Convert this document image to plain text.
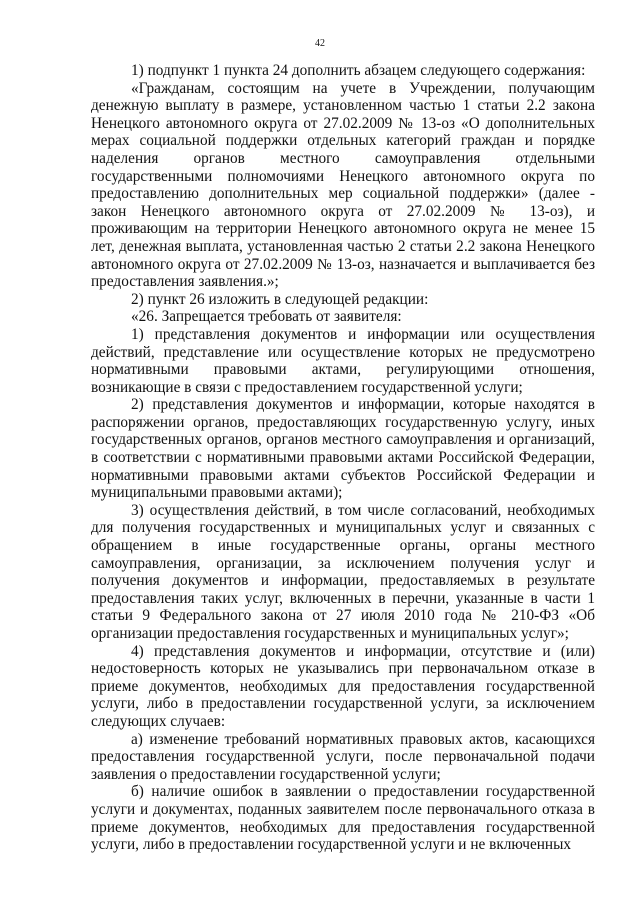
42

1) подпункт 1 пункта 24 дополнить абзацем следующего содержания:

«Гражданам, состоящим на учете в Учреждении, получающим денежную выплату в размере, установленном частью 1 статьи 2.2 закона Ненецкого автономного округа от 27.02.2009 № 13-оз «О дополнительных мерах социальной поддержки отдельных категорий граждан и порядке наделения органов местного самоуправления отдельными государственными полномочиями Ненецкого автономного округа по предоставлению дополнительных мер социальной поддержки» (далее - закон Ненецкого автономного округа от 27.02.2009 № 13-оз), и проживающим на территории Ненецкого автономного округа не менее 15 лет, денежная выплата, установленная частью 2 статьи 2.2 закона Ненецкого автономного округа от 27.02.2009 № 13-оз, назначается и выплачивается без предоставления заявления.»;

2) пункт 26 изложить в следующей редакции:

«26. Запрещается требовать от заявителя:

1) представления документов и информации или осуществления действий, представление или осуществление которых не предусмотрено нормативными правовыми актами, регулирующими отношения, возникающие в связи с предоставлением государственной услуги;

2) представления документов и информации, которые находятся в распоряжении органов, предоставляющих государственную услугу, иных государственных органов, органов местного самоуправления и организаций, в соответствии с нормативными правовыми актами Российской Федерации, нормативными правовыми актами субъектов Российской Федерации и муниципальными правовыми актами);

3) осуществления действий, в том числе согласований, необходимых для получения государственных и муниципальных услуг и связанных с обращением в иные государственные органы, органы местного самоуправления, организации, за исключением получения услуг и получения документов и информации, предоставляемых в результате предоставления таких услуг, включенных в перечни, указанные в части 1 статьи 9 Федерального закона от 27 июля 2010 года № 210-ФЗ «Об организации предоставления государственных и муниципальных услуг»;

4) представления документов и информации, отсутствие и (или) недостоверность которых не указывались при первоначальном отказе в приеме документов, необходимых для предоставления государственной услуги, либо в предоставлении государственной услуги, за исключением следующих случаев:

а) изменение требований нормативных правовых актов, касающихся предоставления государственной услуги, после первоначальной подачи заявления о предоставлении государственной услуги;

б) наличие ошибок в заявлении о предоставлении государственной услуги и документах, поданных заявителем после первоначального отказа в приеме документов, необходимых для предоставления государственной услуги, либо в предоставлении государственной услуги и не включенных
